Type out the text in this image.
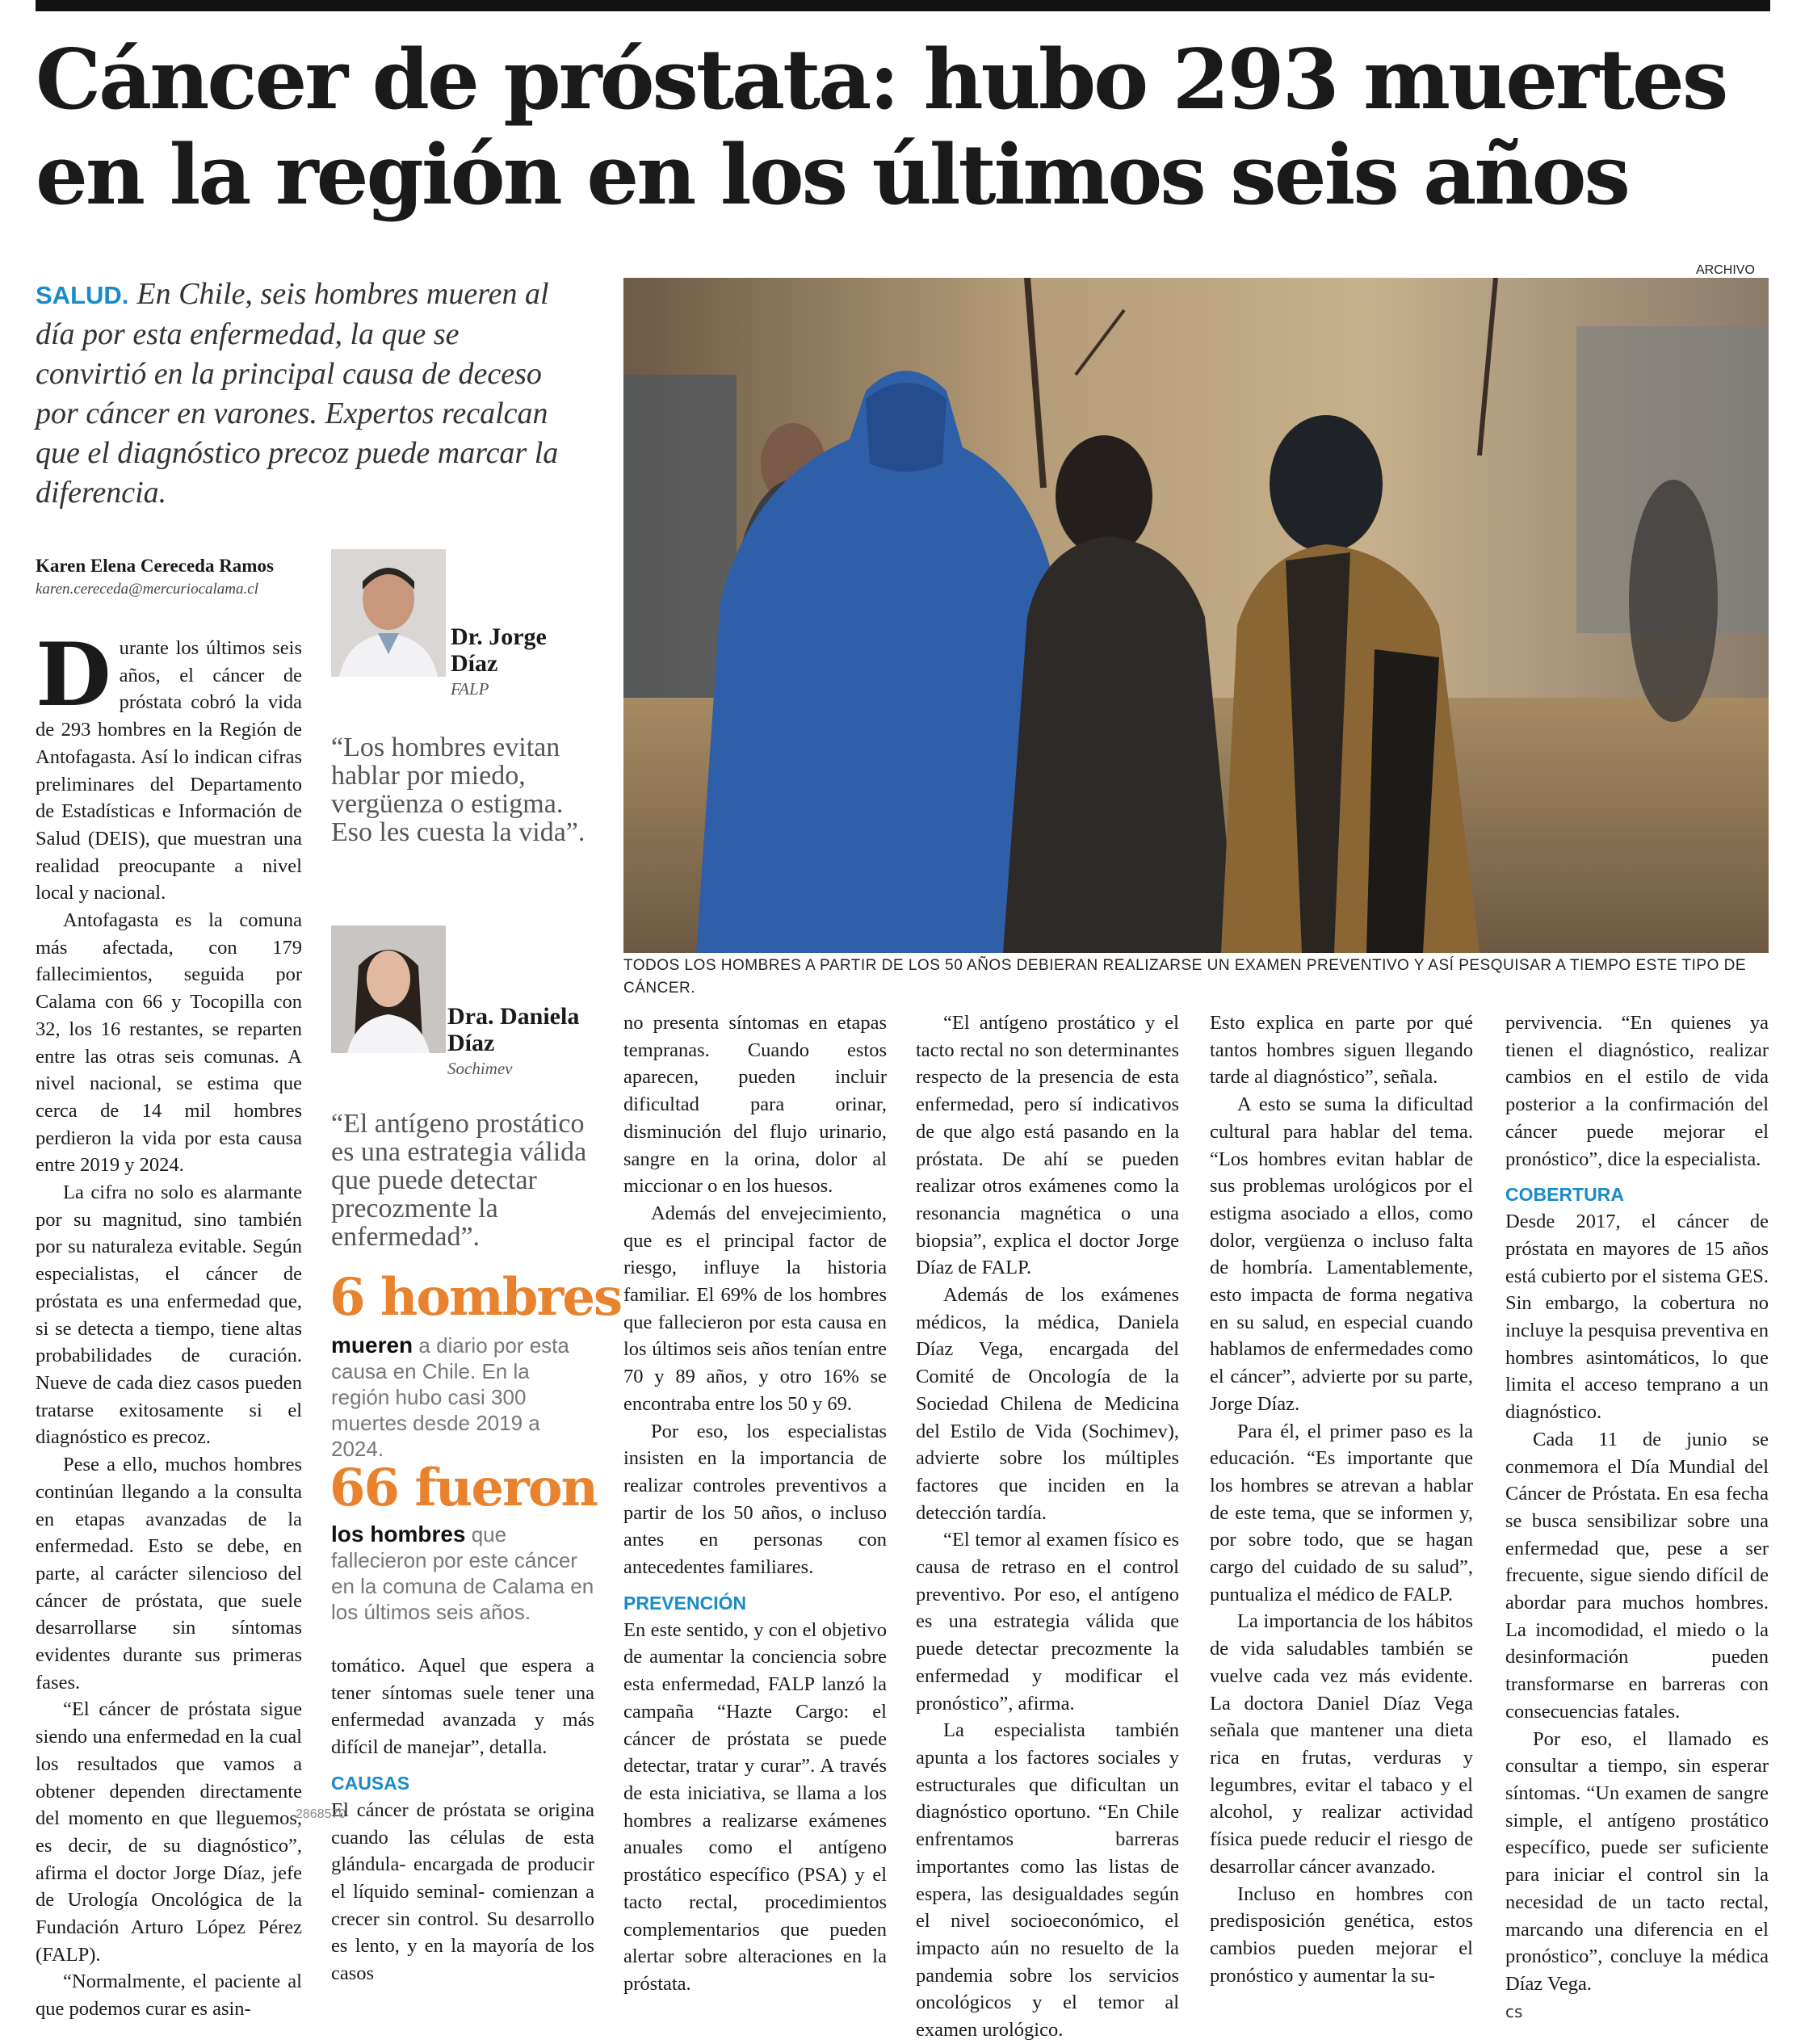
Cáncer de próstata: hubo 293 muertes en la región en los últimos seis años

SALUD. En Chile, seis hombres mueren al día por esta enfermedad, la que se convirtió en la principal causa de deceso por cáncer en varones. Expertos recalcan que el diagnóstico precoz puede marcar la diferencia.

Karen Elena Cereceda Ramos
karen.cereceda@mercuriocalama.cl
ARCHIVO
TODOS LOS HOMBRES A PARTIR DE LOS 50 AÑOS DEBIERAN REALIZARSE UN EXAMEN PREVENTIVO Y ASÍ PESQUISAR A TIEMPO ESTE TIPO DE CÁNCER.
Dr. Jorge Díaz
FALP

“Los hombres evitan hablar por miedo, vergüenza o estigma. Eso les cuesta la vida”.

Dra. Daniela Díaz
Sochimev

“El antígeno prostático es una estrategia válida que puede detectar precozmente la enfermedad”.

6 hombres

mueren a diario por esta causa en Chile. En la región hubo casi 300 muertes desde 2019 a 2024.

66 fueron

los hombres que fallecieron por este cáncer en la comuna de Calama en los últimos seis años.

D urante los últimos seis años, el cáncer de próstata cobró la vida de 293 hombres en la Región de Antofagasta. Así lo indican cifras preliminares del Departamento de Estadísticas e Información de Salud (DEIS), que muestran una realidad preocupante a nivel local y nacional.

Antofagasta es la comuna más afectada, con 179 fallecimientos, seguida por Calama con 66 y Tocopilla con 32, los 16 restantes, se reparten entre las otras seis comunas. A nivel nacional, se estima que cerca de 14 mil hombres perdieron la vida por esta causa entre 2019 y 2024.

La cifra no solo es alarmante por su magnitud, sino también por su naturaleza evitable. Según especialistas, el cáncer de próstata es una enfermedad que, si se detecta a tiempo, tiene altas probabilidades de curación. Nueve de cada diez casos pueden tratarse exitosamente si el diagnóstico es precoz.

Pese a ello, muchos hombres continúan llegando a la consulta en etapas avanzadas de la enfermedad. Esto se debe, en parte, al carácter silencioso del cáncer de próstata, que suele desarrollarse sin síntomas evidentes durante sus primeras fases.

“El cáncer de próstata sigue siendo una enfermedad en la cual los resultados que vamos a obtener dependen directamente del momento en que lleguemos, es decir, de su diagnóstico”, afirma el doctor Jorge Díaz, jefe de Urología Oncológica de la Fundación Arturo López Pérez (FALP).

“Normalmente, el paciente al que podemos curar es asin-

tomático. Aquel que espera a tener síntomas suele tener una enfermedad avanzada y más difícil de manejar”, detalla.

CAUSAS

El cáncer de próstata se origina cuando las células de esta glándula- encargada de producir el líquido seminal- comienzan a crecer sin control. Su desarrollo es lento, y en la mayoría de los casos

no presenta síntomas en etapas tempranas. Cuando estos aparecen, pueden incluir dificultad para orinar, disminución del flujo urinario, sangre en la orina, dolor al miccionar o en los huesos.

Además del envejecimiento, que es el principal factor de riesgo, influye la historia familiar. El 69% de los hombres que fallecieron por esta causa en los últimos seis años tenían entre 70 y 89 años, y otro 16% se encontraba entre los 50 y 69.

Por eso, los especialistas insisten en la importancia de realizar controles preventivos a partir de los 50 años, o incluso antes en personas con antecedentes familiares.

PREVENCIÓN

En este sentido, y con el objetivo de aumentar la conciencia sobre esta enfermedad, FALP lanzó la campaña “Hazte Cargo: el cáncer de próstata se puede detectar, tratar y curar”. A través de esta iniciativa, se llama a los hombres a realizarse exámenes anuales como el antígeno prostático específico (PSA) y el tacto rectal, procedimientos complementarios que pueden alertar sobre alteraciones en la próstata.

“El antígeno prostático y el tacto rectal no son determinantes respecto de la presencia de esta enfermedad, pero sí indicativos de que algo está pasando en la próstata. De ahí se pueden realizar otros exámenes como la resonancia magnética o una biopsia”, explica el doctor Jorge Díaz de FALP.

Además de los exámenes médicos, la médica, Daniela Díaz Vega, encargada del Comité de Oncología de la Sociedad Chilena de Medicina del Estilo de Vida (Sochimev), advierte sobre los múltiples factores que inciden en la detección tardía.

“El temor al examen físico es causa de retraso en el control preventivo. Por eso, el antígeno es una estrategia válida que puede detectar precozmente la enfermedad y modificar el pronóstico”, afirma.

La especialista también apunta a los factores sociales y estructurales que dificultan un diagnóstico oportuno. “En Chile enfrentamos barreras importantes como las listas de espera, las desigualdades según el nivel socioeconómico, el impacto aún no resuelto de la pandemia sobre los servicios oncológicos y el temor al examen urológico.

Esto explica en parte por qué tantos hombres siguen llegando tarde al diagnóstico”, señala.

A esto se suma la dificultad cultural para hablar del tema. “Los hombres evitan hablar de sus problemas urológicos por el estigma asociado a ellos, como dolor, vergüenza o incluso falta de hombría. Lamentablemente, esto impacta de forma negativa en su salud, en especial cuando hablamos de enfermedades como el cáncer”, advierte por su parte, Jorge Díaz.

Para él, el primer paso es la educación. “Es importante que los hombres se atrevan a hablar de este tema, que se informen y, por sobre todo, que se hagan cargo del cuidado de su salud”, puntualiza el médico de FALP.

La importancia de los hábitos de vida saludables también se vuelve cada vez más evidente. La doctora Daniel Díaz Vega señala que mantener una dieta rica en frutas, verduras y legumbres, evitar el tabaco y el alcohol, y realizar actividad física puede reducir el riesgo de desarrollar cáncer avanzado.

Incluso en hombres con predisposición genética, estos cambios pueden mejorar el pronóstico y aumentar la su-

pervivencia. “En quienes ya tienen el diagnóstico, realizar cambios en el estilo de vida posterior a la confirmación del cáncer puede mejorar el pronóstico”, dice la especialista.

COBERTURA

Desde 2017, el cáncer de próstata en mayores de 15 años está cubierto por el sistema GES. Sin embargo, la cobertura no incluye la pesquisa preventiva en hombres asintomáticos, lo que limita el acceso temprano a un diagnóstico.

Cada 11 de junio se conmemora el Día Mundial del Cáncer de Próstata. En esa fecha se busca sensibilizar sobre una enfermedad que, pese a ser frecuente, sigue siendo difícil de abordar para muchos hombres. La incomodidad, el miedo o la desinformación pueden transformarse en barreras con consecuencias fatales.

Por eso, el llamado es consultar a tiempo, sin esperar síntomas. “Un examen de sangre simple, el antígeno prostático específico, puede ser suficiente para iniciar el control sin la necesidad de un tacto rectal, marcando una diferencia en el pronóstico”, concluye la médica Díaz Vega.

cs
2868570
